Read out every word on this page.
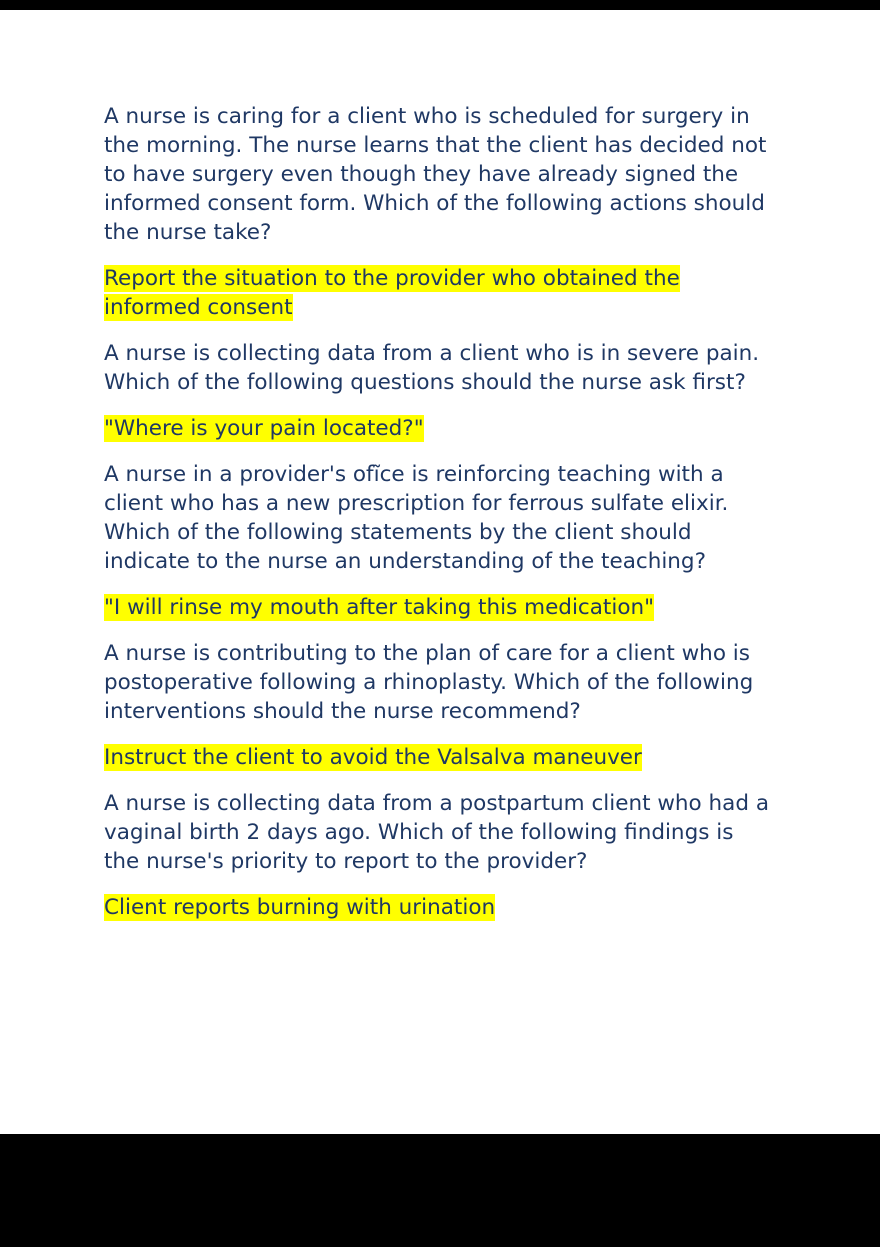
A nurse is caring for a client who is scheduled for surgery in the morning. The nurse learns that the client has decided not to have surgery even though they have already signed the informed consent form. Which of the following actions should the nurse take?

Report the situation to the provider who obtained the informed consent

A nurse is collecting data from a client who is in severe pain. Which of the following questions should the nurse ask first?

"Where is your pain located?"

A nurse in a provider's ofĩce is reinforcing teaching with a client who has a new prescription for ferrous sulfate elixir. Which of the following statements by the client should indicate to the nurse an understanding of the teaching?

"I will rinse my mouth after taking this medication"

A nurse is contributing to the plan of care for a client who is postoperative following a rhinoplasty. Which of the following interventions should the nurse recommend?

Instruct the client to avoid the Valsalva maneuver

A nurse is collecting data from a postpartum client who had a vaginal birth 2 days ago. Which of the following findings is the nurse's priority to report to the provider?

Client reports burning with urination
